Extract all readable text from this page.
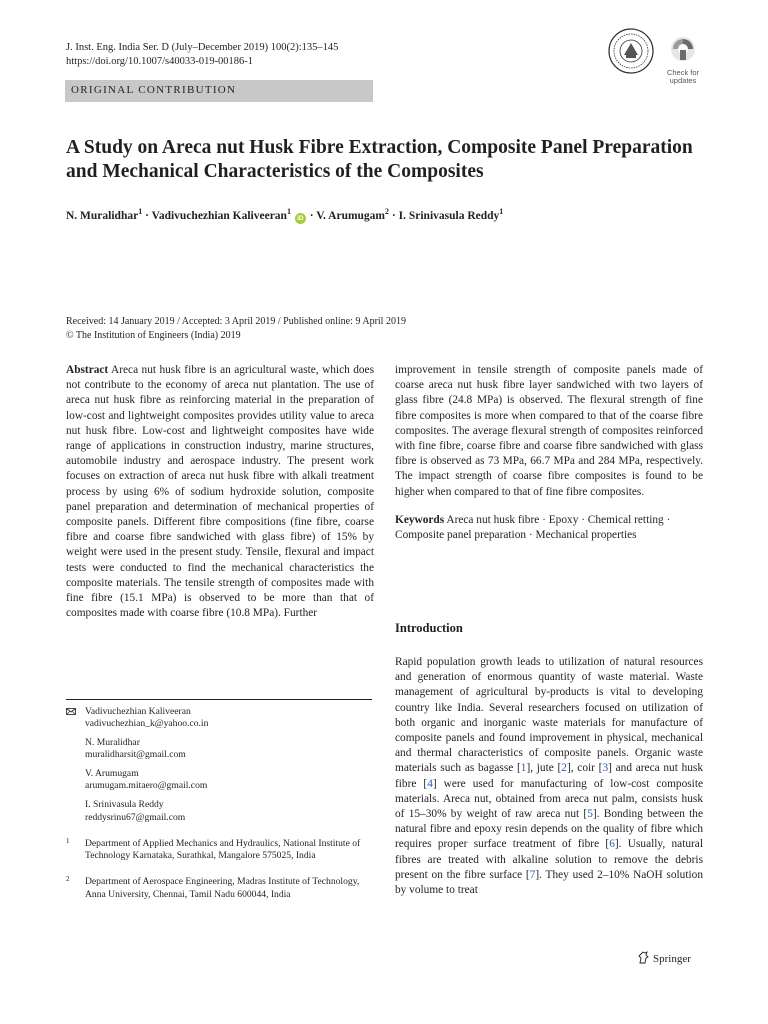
J. Inst. Eng. India Ser. D (July–December 2019) 100(2):135–145
https://doi.org/10.1007/s40033-019-00186-1
Check for
updates
ORIGINAL CONTRIBUTION
A Study on Areca nut Husk Fibre Extraction, Composite Panel Preparation and Mechanical Characteristics of the Composites
N. Muralidhar$^1$ · Vadivuchezhian Kaliveeran$^1$ iD · V. Arumugam$^2$ · I. Srinivasula Reddy$^1$
Received: 14 January 2019 / Accepted: 3 April 2019 / Published online: 9 April 2019
© The Institution of Engineers (India) 2019

Abstract Areca nut husk fibre is an agricultural waste, which does not contribute to the economy of areca nut plantation. The use of areca nut husk fibre as reinforcing material in the preparation of low-cost and lightweight composites provides utility value to areca nut husk fibre. Low-cost and lightweight composites have wide range of applications in construction industry, marine structures, automobile industry and aerospace industry. The present work focuses on extraction of areca nut husk fibre with alkali treatment process by using 6% of sodium hydroxide solution, composite panel preparation and determination of mechanical properties of composite panels. Different fibre compositions (fine fibre, coarse fibre and coarse fibre sandwiched with glass fibre) of 15% by weight were used in the present study. Tensile, flexural and impact tests were conducted to find the mechanical characteristics the composite materials. The tensile strength of composites made with fine fibre (15.1 MPa) is observed to be more than that of composites made with coarse fibre (10.8 MPa). Further

improvement in tensile strength of composite panels made of coarse areca nut husk fibre layer sandwiched with two layers of glass fibre (24.8 MPa) is observed. The flexural strength of fine fibre composites is more when compared to that of the coarse fibre composites. The average flexural strength of composites reinforced with fine fibre, coarse fibre and coarse fibre sandwiched with glass fibre is observed as 73 MPa, 66.7 MPa and 284 MPa, respectively. The impact strength of coarse fibre composites is found to be higher when compared to that of fine fibre composites.

Keywords Areca nut husk fibre · Epoxy · Chemical retting · Composite panel preparation · Mechanical properties

Introduction

Rapid population growth leads to utilization of natural resources and generation of enormous quantity of waste material. Waste management of agricultural by-products is vital to developing country like India. Several researchers focused on utilization of both organic and inorganic waste materials for manufacture of composite panels and found improvement in physical, mechanical and thermal characteristics of composite panels. Organic waste materials such as bagasse [1], jute [2], coir [3] and areca nut husk fibre [4] were used for manufacturing of low-cost composite materials. Areca nut, obtained from areca nut palm, consists husk of 15–30% by weight of raw areca nut [5]. Bonding between the natural fibre and epoxy resin depends on the quality of fibre which requires proper surface treatment of fibre [6]. Usually, natural fibres are treated with alkaline solution to remove the debris present on the fibre surface [7]. They used 2–10% NaOH solution by volume to treat

Vadivuchezhian Kaliveeran
vadivuchezhian_k@yahoo.co.in
N. Muralidhar
muralidharsit@gmail.com
V. Arumugam
arumugam.mitaero@gmail.com
I. Srinivasula Reddy
reddysrinu67@gmail.com
1 Department of Applied Mechanics and Hydraulics, National Institute of Technology Karnataka, Surathkal, Mangalore 575025, India
2 Department of Aerospace Engineering, Madras Institute of Technology, Anna University, Chennai, Tamil Nadu 600044, India
Springer
